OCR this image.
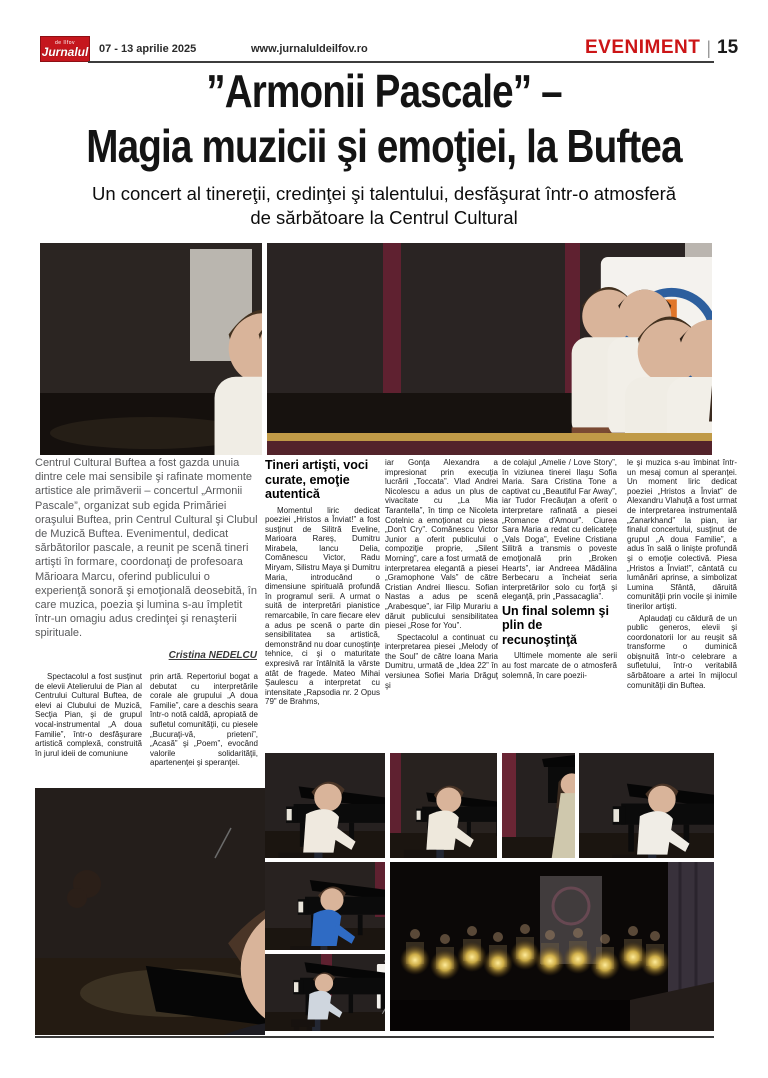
de Ilfov
Jurnalul 07 - 13 aprilie 2025	www.jurnaluldeilfov.ro	EVENIMENT | 15
”Armonii Pascale” –
Magia muzicii şi emoţiei, la Buftea
Un concert al tinereţii, credinţei şi talentului, desfăşurat într-o atmosferă
de sărbătoare la Centrul Cultural
Centrul Cultural Buftea a fost gazda unuia dintre cele mai sensibile şi rafinate momente artistice ale primăverii – concertul „Armonii Pascale”, organizat sub egida Primăriei oraşului Buftea, prin Centrul Cultural şi Clubul de Muzică Buftea. Evenimentul, dedicat sărbătorilor pascale, a reunit pe scenă tineri artişti în formare, coordonaţi de profesoara Mărioara Marcu, oferind publicului o experienţă sonoră şi emoţională deosebită, în care muzica, poezia şi lumina s-au împletit într-un omagiu adus credinţei şi renaşterii spirituale.
Cristina NEDELCU

Spectacolul a fost susţinut de elevii Atelierului de Pian al Centrului Cultural Buftea, de elevi ai Clubului de Muzică, Secţia Pian, şi de grupul vocal-instrumental „A doua Familie”, într-o desfăşurare artistică complexă, construită în jurul ideii de comuniune

prin artă. Repertoriul bogat a debutat cu interpretările corale ale grupului „A doua Familie”, care a deschis seara într-o notă caldă, apropiată de sufletul comunităţii, cu piesele „Bucuraţi-vă, prieteni”, „Acasă” şi „Poem”, evocând valorile solidarităţii, apartenenţei şi speranţei.

Tineri artişti, voci curate, emoţie autentică

Momentul liric dedicat poeziei „Hristos a Înviat!” a fost susţinut de Silitră Eveline, Marioara Rareş, Dumitru Mirabela, Iancu Delia, Comănescu Victor, Radu Miryam, Silistru Maya şi Dumitru Maria, introducând o dimensiune spirituală profundă în programul serii. A urmat o suită de interpretări pianistice remarcabile, în care fiecare elev a adus pe scenă o parte din sensibilitatea sa artistică, demonstrând nu doar cunoştinţe tehnice, ci şi o maturitate expresivă rar întâlnită la vârste atât de fragede. Mateo Mihai Şaulescu a interpretat cu intensitate „Rapsodia nr. 2 Opus 79” de Brahms,

iar Gonţa Alexandra a impresionat prin execuţia lucrării „Toccata”. Vlad Andrei Nicolescu a adus un plus de vivacitate cu „La Mia Tarantella”, în timp ce Nicoleta Cotelnic a emoţionat cu piesa „Don't Cry”. Comănescu Victor Junior a oferit publicului o compoziţie proprie, „Silent Morning”, care a fost urmată de interpretarea elegantă a piesei „Gramophone Vals” de către Cristian Andrei Iliescu. Sofian Nastas a adus pe scenă „Arabesque”, iar Filip Murariu a dăruit publicului sensibilitatea piesei „Rose for You”.

Spectacolul a continuat cu interpretarea piesei „Melody of the Soul” de către Ioana Maria Dumitru, urmată de „Idea 22” în versiunea Sofiei Maria Drăguţ şi

de colajul „Amelie / Love Story”, în viziunea tinerei Ilaşu Sofia Maria. Sara Cristina Tone a captivat cu „Beautiful Far Away”, iar Tudor Frecăuţan a oferit o interpretare rafinată a piesei „Romance d'Amour”. Ciurea Sara Maria a redat cu delicateţe „Vals Doga”, Eveline Cristiana Silitră a transmis o poveste emoţională prin „Broken Hearts”, iar Andreea Mădălina Berbecaru a încheiat seria interpretărilor solo cu forţă şi eleganţă, prin „Passacaglia”.

Un final solemn şi plin de recunoştinţă

Ultimele momente ale serii au fost marcate de o atmosferă solemnă, în care poezii-

le şi muzica s-au îmbinat într-un mesaj comun al speranţei. Un moment liric dedicat poeziei „Hristos a Înviat” de Alexandru Vlahuţă a fost urmat de interpretarea instrumentală „Zanarkhand” la pian, iar finalul concertului, susţinut de grupul „A doua Familie”, a adus în sală o linişte profundă şi o emoţie colectivă. Piesa „Hristos a Înviat!”, cântată cu lumânări aprinse, a simbolizat Lumina Sfântă, dăruită comunităţii prin vocile şi inimile tinerilor artişti.

Aplaudaţi cu căldură de un public generos, elevii şi coordonatorii lor au reuşit să transforme o duminică obişnuită într-o celebrare a sufletului, într-o veritabilă sărbătoare a artei în mijlocul comunităţii din Buftea.
